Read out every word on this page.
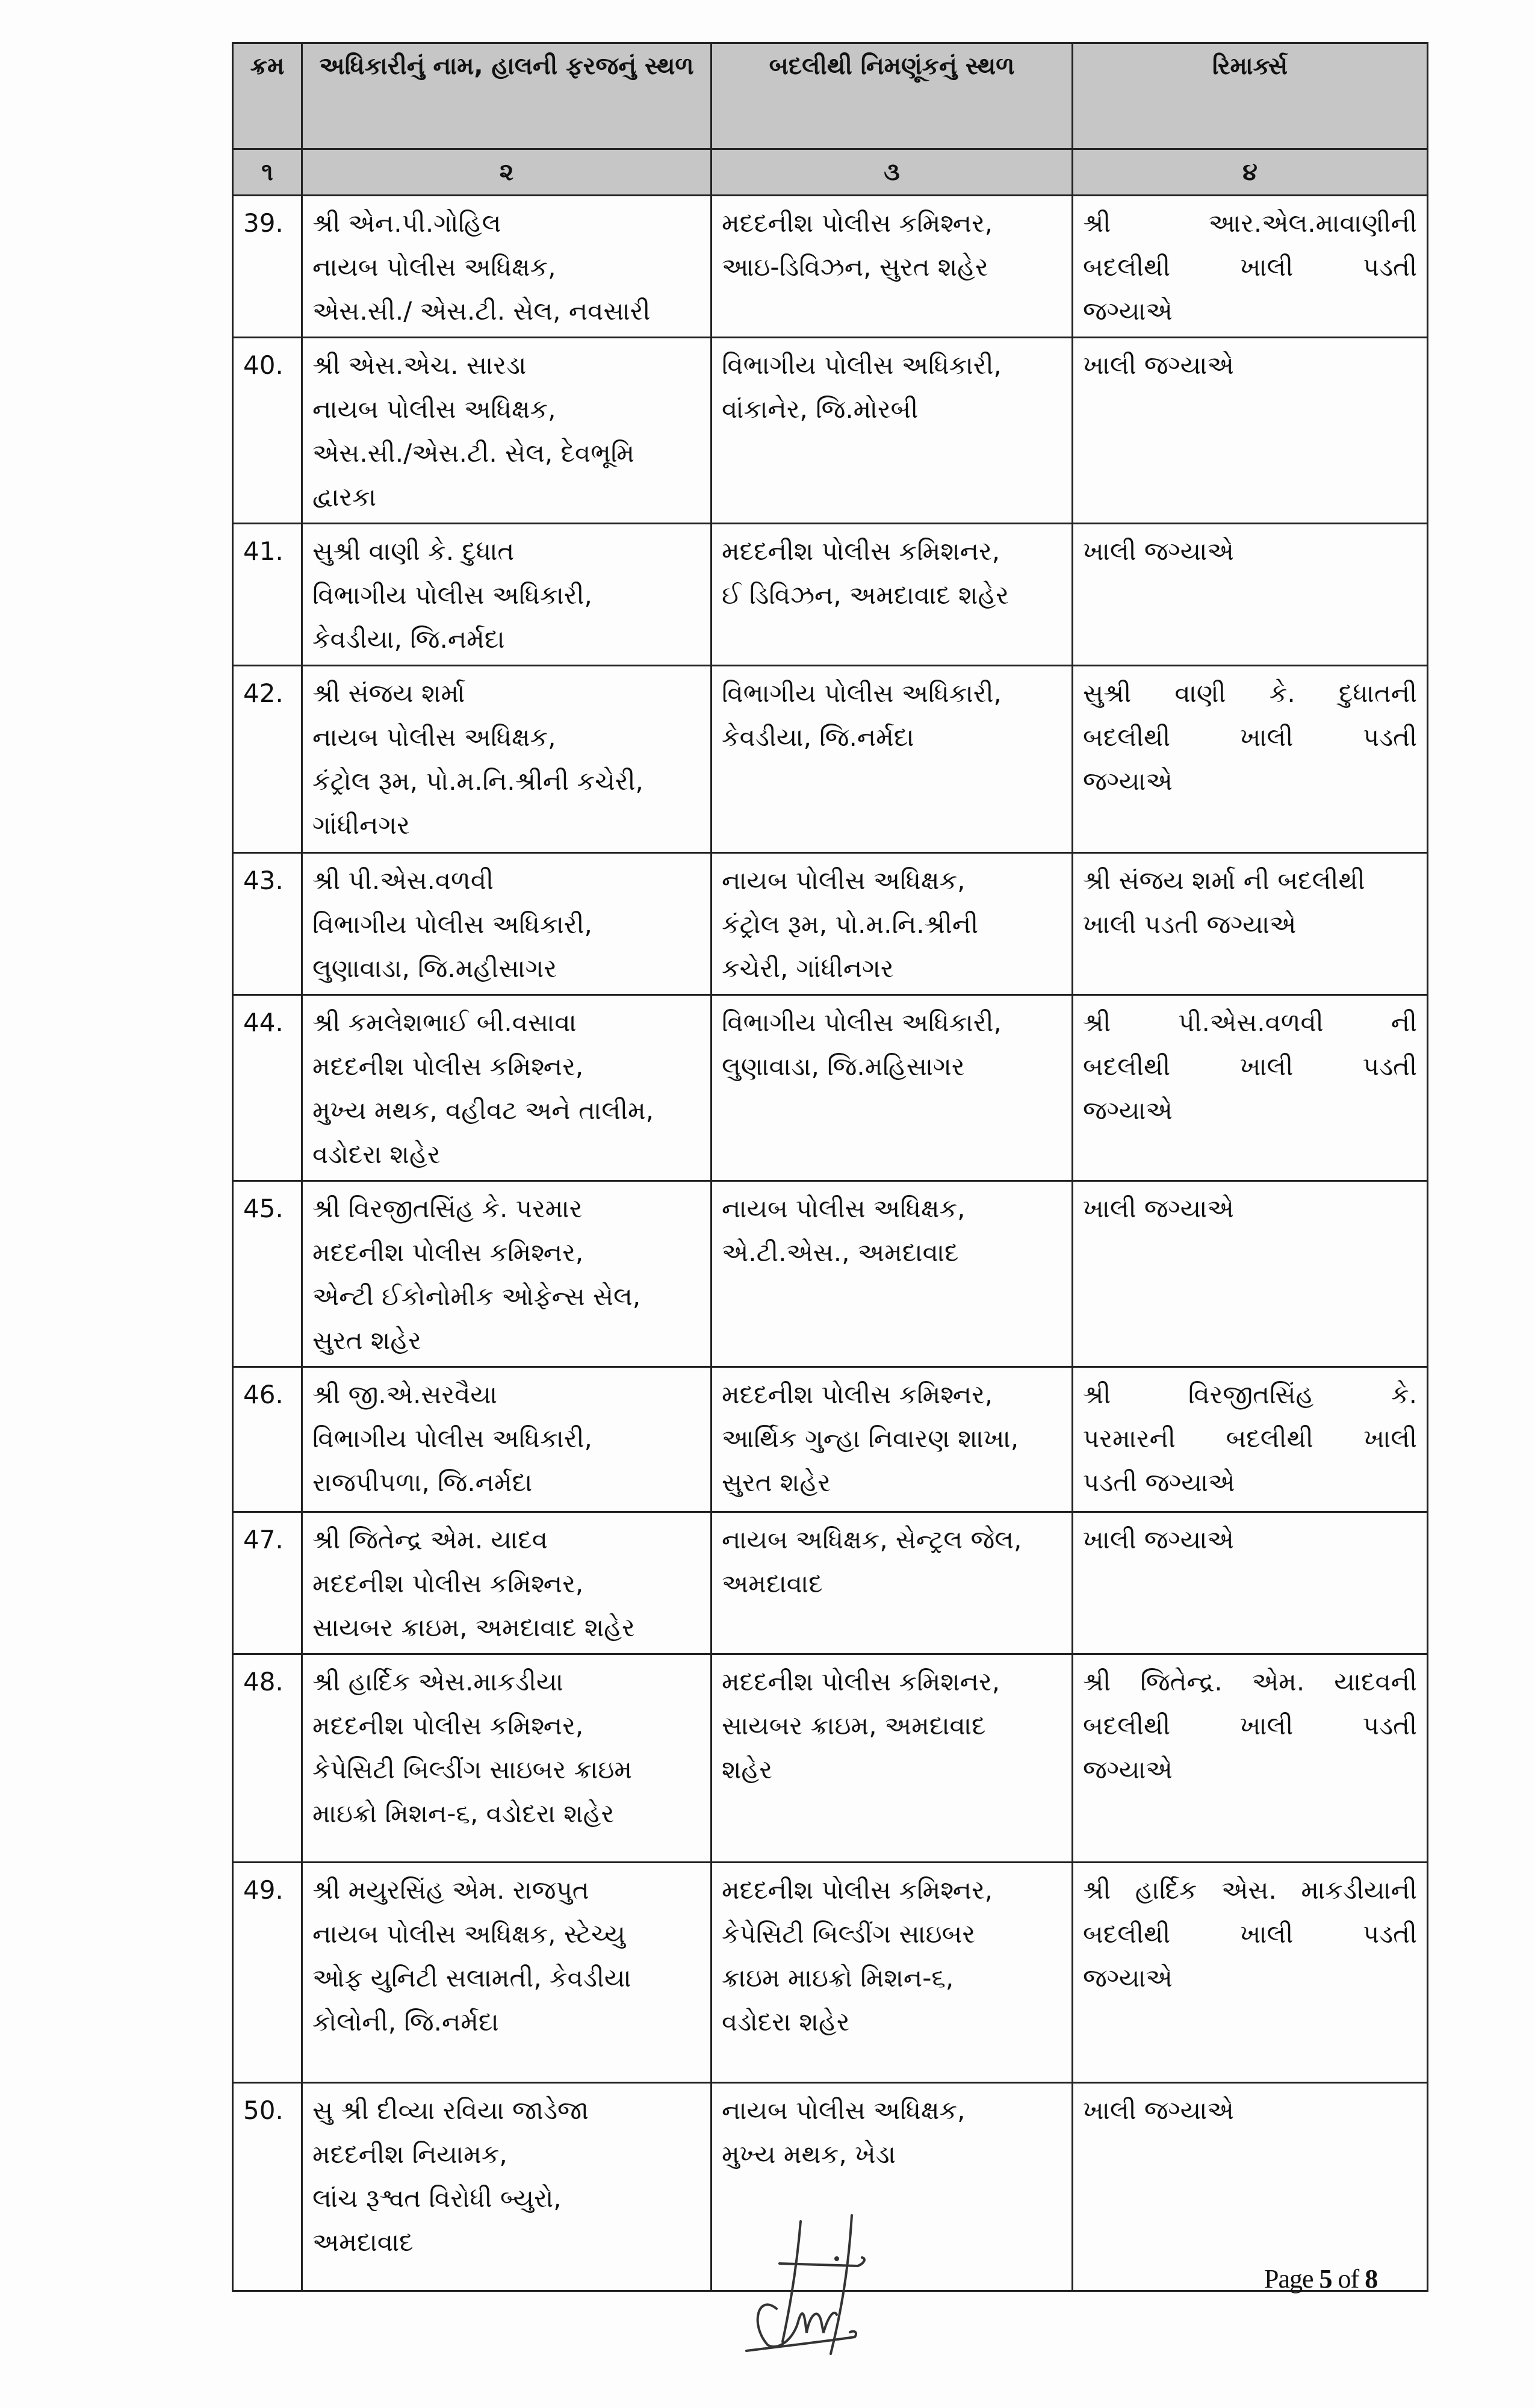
ક્રમ	અધિકારીનું નામ, હાલની ફરજનું સ્થળ	બદલીથી નિમણૂંકનું સ્થળ	રિમાર્ક્સ
૧	૨	૩	૪
39.	શ્રી એન.પી.ગોહિલ
નાયબ પોલીસ અધિક્ષક,
એસ.સી./ એસ.ટી. સેલ, નવસારી	મદદનીશ પોલીસ કમિશ્નર,
આઇ-ડિવિઝન, સુરત શહેર	શ્રી આર.એલ.માવાણીની
બદલીથી ખાલી પડતી
જગ્યાએ

40.	શ્રી એસ.એચ. સારડા
નાયબ પોલીસ અધિક્ષક,
એસ.સી./એસ.ટી. સેલ, દેવભૂમિ
દ્વારકા	વિભાગીય પોલીસ અધિકારી,
વાંકાનેર, જિ.મોરબી	ખાલી જગ્યાએ

41.	સુશ્રી વાણી કે. દુધાત
વિભાગીય પોલીસ અધિકારી,
કેવડીયા, જિ.નર્મદા	મદદનીશ પોલીસ કમિશનર,
ઈ ડિવિઝન, અમદાવાદ શહેર	ખાલી જગ્યાએ

42.	શ્રી સંજય શર્મા
નાયબ પોલીસ અધિક્ષક,
કંટ્રોલ રૂમ, પો.મ.નિ.શ્રીની કચેરી,
ગાંધીનગર	વિભાગીય પોલીસ અધિકારી,
કેવડીયા, જિ.નર્મદા	સુશ્રી વાણી કે. દુધાતની
બદલીથી ખાલી પડતી
જગ્યાએ

43.	શ્રી પી.એસ.વળવી
વિભાગીય પોલીસ અધિકારી,
લુણાવાડા, જિ.મહીસાગર	નાયબ પોલીસ અધિક્ષક,
કંટ્રોલ રૂમ, પો.મ.નિ.શ્રીની
કચેરી, ગાંધીનગર	શ્રી સંજય શર્મા ની બદલીથી
ખાલી પડતી જગ્યાએ

44.	શ્રી કમલેશભાઈ બી.વસાવા
મદદનીશ પોલીસ કમિશ્નર,
મુખ્ય મથક, વહીવટ અને તાલીમ,
વડોદરા શહેર	વિભાગીય પોલીસ અધિકારી,
લુણાવાડા, જિ.મહિસાગર	શ્રી પી.એસ.વળવી ની
બદલીથી ખાલી પડતી
જગ્યાએ

45.	શ્રી વિરજીતસિંહ કે. પરમાર
મદદનીશ પોલીસ કમિશ્નર,
એન્ટી ઈકોનોમીક ઓફેન્સ સેલ,
સુરત શહેર	નાયબ પોલીસ અધિક્ષક,
એ.ટી.એસ., અમદાવાદ	ખાલી જગ્યાએ

46.	શ્રી જી.એ.સરવૈયા
વિભાગીય પોલીસ અધિકારી,
રાજપીપળા, જિ.નર્મદા	મદદનીશ પોલીસ કમિશ્નર,
આર્થિક ગુન્હા નિવારણ શાખા,
સુરત શહેર	શ્રી વિરજીતસિંહ કે.
પરમારની બદલીથી ખાલી
પડતી જગ્યાએ

47.	શ્રી જિતેન્દ્ર એમ. યાદવ
મદદનીશ પોલીસ કમિશ્નર,
સાયબર ક્રાઇમ, અમદાવાદ શહેર	નાયબ અધિક્ષક, સેન્ટ્રલ જેલ,
અમદાવાદ	ખાલી જગ્યાએ

48.	શ્રી હાર્દિક એસ.માકડીયા
મદદનીશ પોલીસ કમિશ્નર,
કેપેસિટી બિલ્ડીંગ સાઇબર ક્રાઇમ
માઇક્રો મિશન-૬, વડોદરા શહેર	મદદનીશ પોલીસ કમિશનર,
સાયબર ક્રાઇમ, અમદાવાદ
શહેર	શ્રી જિતેન્દ્ર. એમ. યાદવની
બદલીથી ખાલી પડતી
જગ્યાએ

49.	શ્રી મયુરસિંહ એમ. રાજપુત
નાયબ પોલીસ અધિક્ષક, સ્ટેચ્યુ
ઓફ યુનિટી સલામતી, કેવડીયા
કોલોની, જિ.નર્મદા	મદદનીશ પોલીસ કમિશ્નર,
કેપેસિટી બિલ્ડીંગ સાઇબર
ક્રાઇમ માઇક્રો મિશન-૬,
વડોદરા શહેર	શ્રી હાર્દિક એસ. માકડીયાની
બદલીથી ખાલી પડતી
જગ્યાએ

50.	સુ શ્રી દીવ્યા રવિયા જાડેજા
મદદનીશ નિયામક,
લાંચ રૂશ્વત વિરોધી બ્યુરો,
અમદાવાદ	નાયબ પોલીસ અધિક્ષક,
મુખ્ય મથક, ખેડા	ખાલી જગ્યાએ
Page 5 of 8
